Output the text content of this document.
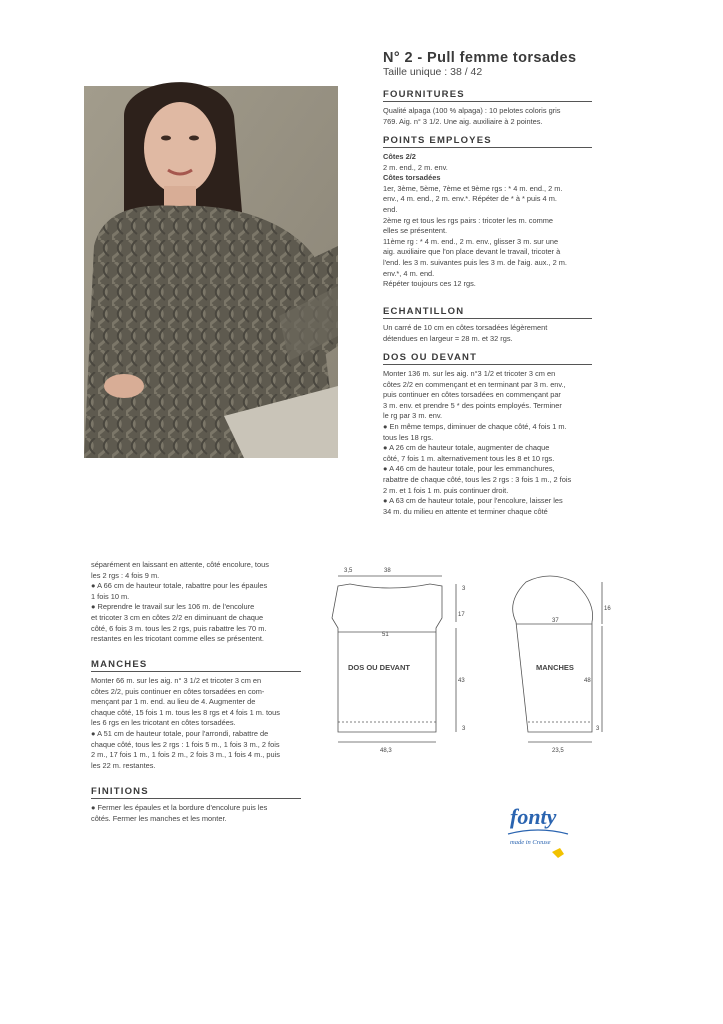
N° 2 - Pull femme torsades
Taille unique : 38 / 42
FOURNITURES

Qualité alpaga (100 % alpaga) : 10 pelotes coloris gris

769. Aig. n° 3 1/2. Une aig. auxiliaire à 2 pointes.

POINTS EMPLOYES

Côtes 2/2

2 m. end., 2 m. env.

Côtes torsadées

1er, 3ème, 5ème, 7ème et 9ème rgs : * 4 m. end., 2 m.

env., 4 m. end., 2 m. env.*. Répéter de * à * puis 4 m.

end.

2ème rg et tous les rgs pairs : tricoter les m. comme

elles se présentent.

11ème rg : * 4 m. end., 2 m. env., glisser 3 m. sur une

aig. auxiliaire que l'on place devant le travail, tricoter à

l'end. les 3 m. suivantes puis les 3 m. de l'aig. aux., 2 m.

env.*, 4 m. end.

Répéter toujours ces 12 rgs.

ECHANTILLON

Un carré de 10 cm en côtes torsadées légèrement

détendues en largeur = 28 m. et 32 rgs.

DOS OU DEVANT

Monter 136 m. sur les aig. n°3 1/2 et tricoter 3 cm en

côtes 2/2 en commençant et en terminant par 3 m. env.,

puis continuer en côtes torsadées en commençant par

3 m. env. et prendre 5 * des points employés. Terminer

le rg par 3 m. env.

● En même temps, diminuer de chaque côté, 4 fois 1 m.

tous les 18 rgs.

● A 26 cm de hauteur totale, augmenter de chaque

côté, 7 fois 1 m. alternativement tous les 8 et 10 rgs.

● A 46 cm de hauteur totale, pour les emmanchures,

rabattre de chaque côté, tous les 2 rgs : 3 fois 1 m., 2 fois

2 m. et 1 fois 1 m. puis continuer droit.

● A 63 cm de hauteur totale, pour l'encolure, laisser les

34 m. du milieu en attente et terminer chaque côté

séparément en laissant en attente, côté encolure, tous

les 2 rgs : 4 fois 9 m.

● A 66 cm de hauteur totale, rabattre pour les épaules

1 fois 10 m.

● Reprendre le travail sur les 106 m. de l'encolure

et tricoter 3 cm en côtes 2/2 en diminuant de chaque

côté, 6 fois 3 m. tous les 2 rgs, puis rabattre les 70 m.

restantes en les tricotant comme elles se présentent.

MANCHES

Monter 66 m. sur les aig. n° 3 1/2 et tricoter 3 cm en

côtes 2/2, puis continuer en côtes torsadées en com-

mençant par 1 m. end. au lieu de 4. Augmenter de

chaque côté, 15 fois 1 m. tous les 8 rgs et 4 fois 1 m. tous

les 6 rgs en les tricotant en côtes torsadées.

● A 51 cm de hauteur totale, pour l'arrondi, rabattre de

chaque côté, tous les 2 rgs : 1 fois 5 m., 1 fois 3 m., 2 fois

2 m., 17 fois 1 m., 1 fois 2 m., 2 fois 3 m., 1 fois 4 m., puis

les 22 m. restantes.

FINITIONS

● Fermer les épaules et la bordure d'encolure puis les

côtés. Fermer les manches et les monter.

3,5	38
3
17
51
43
3
48,3
DOS OU DEVANT
16
37
48
3
23,5
MANCHES
fonty
made in Creuse
